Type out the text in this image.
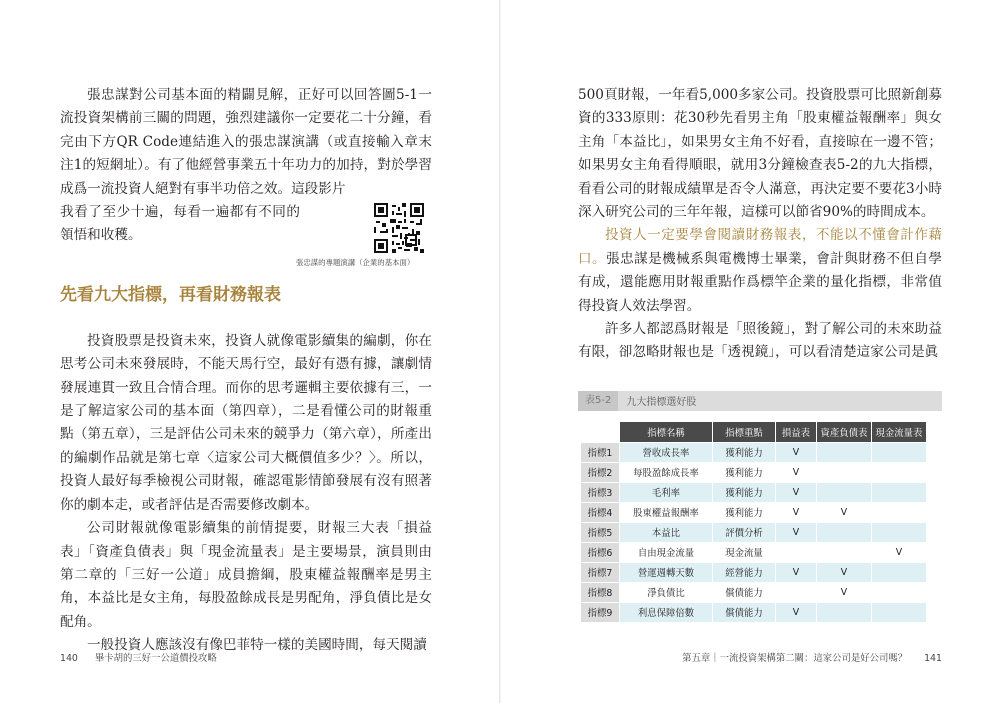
張忠謀對公司基本面的精闢見解，正好可以回答圖5-1一流投資架構前三關的問題，強烈建議你一定要花二十分鐘，看完由下方QR Code連結進入的張忠謀演講（或直接輸入章末注1的短網址）。有了他經營事業五十年功力的加持，對於學習成爲一流投資人絕對有事半功倍之效。這段影片

我看了至少十遍，每看一遍都有不同的領悟和收穫。

張忠謀的專題演講（企業的基本面）
先看九大指標，再看財務報表

投資股票是投資未來，投資人就像電影續集的編劇，你在思考公司未來發展時，不能天馬行空，最好有憑有據，讓劇情發展連貫一致且合情合理。而你的思考邏輯主要依據有三，一是了解這家公司的基本面（第四章），二是看懂公司的財報重點（第五章），三是評估公司未來的競爭力（第六章），所產出的編劇作品就是第七章〈這家公司大概價值多少？〉。所以，投資人最好每季檢視公司財報，確認電影情節發展有沒有照著你的劇本走，或者評估是否需要修改劇本。

公司財報就像電影續集的前情提要，財報三大表「損益表」「資產負債表」與「現金流量表」是主要場景，演員則由第二章的「三好一公道」成員擔綱，股東權益報酬率是男主角，本益比是女主角，每股盈餘成長是男配角，淨負債比是女配角。

一般投資人應該沒有像巴菲特一樣的美國時間，每天閱讀

500頁財報，一年看5,000多家公司。投資股票可比照新創募資的333原則：花30秒先看男主角「股東權益報酬率」與女主角「本益比」，如果男女主角不好看，直接晾在一邊不管；如果男女主角看得順眼，就用3分鐘檢查表5-2的九大指標，看看公司的財報成績單是否令人滿意，再決定要不要花3小時深入研究公司的三年年報，這樣可以節省90%的時間成本。

投資人一定要學會閱讀財務報表，不能以不懂會計作藉口。張忠謀是機械系與電機博士畢業，會計與財務不但自學有成，還能應用財報重點作爲標竿企業的量化指標，非常值得投資人效法學習。

許多人都認爲財報是「照後鏡」，對了解公司的未來助益有限，卻忽略財報也是「透視鏡」，可以看清楚這家公司是眞

表5-2	九大指標選好股
	指標名稱	指標重點	損益表	資產負債表	現金流量表
指標1	營收成長率	獲利能力	V		
指標2	每股盈餘成長率	獲利能力	V		
指標3	毛利率	獲利能力	V		
指標4	股東權益報酬率	獲利能力	V	V	
指標5	本益比	評價分析	V		
指標6	自由現金流量	現金流量			V
指標7	營運週轉天數	經營能力	V	V	
指標8	淨負債比	償債能力		V	
指標9	利息保障倍數	償債能力	V		
140 畢卡胡的三好一公道價投攻略	第五章｜一流投資架構第二關：這家公司是好公司嗎？ 141
